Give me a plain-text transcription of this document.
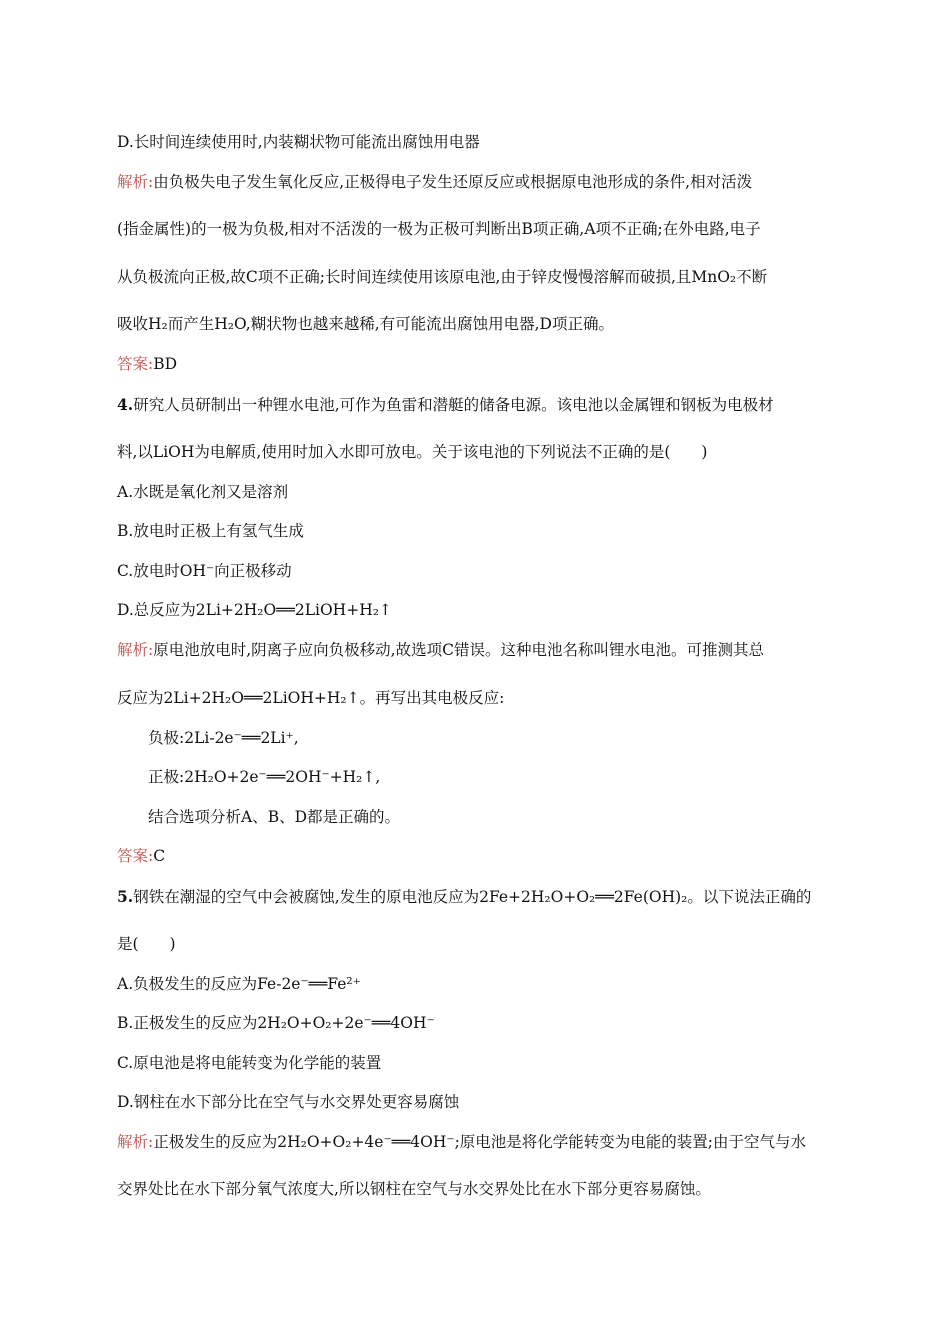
D.长时间连续使用时,内装糊状物可能流出腐蚀用电器
解析:由负极失电子发生氧化反应,正极得电子发生还原反应或根据原电池形成的条件,相对活泼
(指金属性)的一极为负极,相对不活泼的一极为正极可判断出B项正确,A项不正确;在外电路,电子
从负极流向正极,故C项不正确;长时间连续使用该原电池,由于锌皮慢慢溶解而破损,且MnO₂不断
吸收H₂而产生H₂O,糊状物也越来越稀,有可能流出腐蚀用电器,D项正确。
答案:BD
4.研究人员研制出一种锂水电池,可作为鱼雷和潜艇的储备电源。该电池以金属锂和钢板为电极材
料,以LiOH为电解质,使用时加入水即可放电。关于该电池的下列说法不正确的是(　　)
A.水既是氧化剂又是溶剂
B.放电时正极上有氢气生成
C.放电时OH⁻向正极移动
D.总反应为2Li+2H₂O══2LiOH+H₂↑
解析:原电池放电时,阴离子应向负极移动,故选项C错误。这种电池名称叫锂水电池。可推测其总
反应为2Li+2H₂O══2LiOH+H₂↑。再写出其电极反应:
负极:2Li-2e⁻══2Li⁺,
正极:2H₂O+2e⁻══2OH⁻+H₂↑,
结合选项分析A、B、D都是正确的。
答案:C
5.钢铁在潮湿的空气中会被腐蚀,发生的原电池反应为2Fe+2H₂O+O₂══2Fe(OH)₂。以下说法正确的
是(　　)
A.负极发生的反应为Fe-2e⁻══Fe²⁺
B.正极发生的反应为2H₂O+O₂+2e⁻══4OH⁻
C.原电池是将电能转变为化学能的装置
D.钢柱在水下部分比在空气与水交界处更容易腐蚀
解析:正极发生的反应为2H₂O+O₂+4e⁻══4OH⁻;原电池是将化学能转变为电能的装置;由于空气与水
交界处比在水下部分氧气浓度大,所以钢柱在空气与水交界处比在水下部分更容易腐蚀。
